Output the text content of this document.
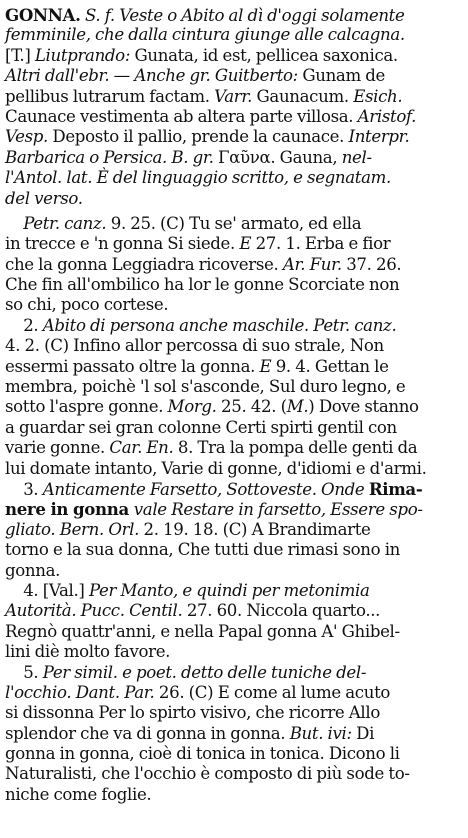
GONNA. S. f. Veste o Abito al dì d'oggi solamente
femminile, che dalla cintura giunge alle calcagna.
[T.] Liutprando: Gunata, id est, pellicea saxonica.
Altri dall'ebr. — Anche gr. Guitberto: Gunam de
pellibus lutrarum factam. Varr. Gaunacum. Esich.
Caunace vestimenta ab altera parte villosa. Aristof.
Vesp. Deposto il pallio, prende la caunace. Interpr.
Barbarica o Persica. B. gr. Γαῦνα. Gauna, nel-
l'Antol. lat. È del linguaggio scritto, e segnatam.
del verso.
Petr. canz. 9. 25. (C) Tu se' armato, ed ella
in trecce e 'n gonna Si siede. E 27. 1. Erba e fior
che la gonna Leggiadra ricoverse. Ar. Fur. 37. 26.
Che fin all'ombilico ha lor le gonne Scorciate non
so chi, poco cortese.
2. Abito di persona anche maschile. Petr. canz.
4. 2. (C) Infino allor percossa di suo strale, Non
essermi passato oltre la gonna. E 9. 4. Gettan le
membra, poichè 'l sol s'asconde, Sul duro legno, e
sotto l'aspre gonne. Morg. 25. 42. (M.) Dove stanno
a guardar sei gran colonne Certi spirti gentil con
varie gonne. Car. En. 8. Tra la pompa delle genti da
lui domate intanto, Varie di gonne, d'idiomi e d'armi.
3. Anticamente Farsetto, Sottoveste. Onde Rima-
nere in gonna vale Restare in farsetto, Essere spo-
gliato. Bern. Orl. 2. 19. 18. (C) A Brandimarte
torno e la sua donna, Che tutti due rimasi sono in
gonna.
4. [Val.] Per Manto, e quindi per metonimia
Autorità. Pucc. Centil. 27. 60. Niccola quarto...
Regnò quattr'anni, e nella Papal gonna A' Ghibel-
lini diè molto favore.
5. Per simil. e poet. detto delle tuniche del-
l'occhio. Dant. Par. 26. (C) E come al lume acuto
si dissonna Per lo spirto visivo, che ricorre Allo
splendor che va di gonna in gonna. But. ivi: Di
gonna in gonna, cioè di tonica in tonica. Dicono li
Naturalisti, che l'occhio è composto di più sode to-
niche come foglie.
